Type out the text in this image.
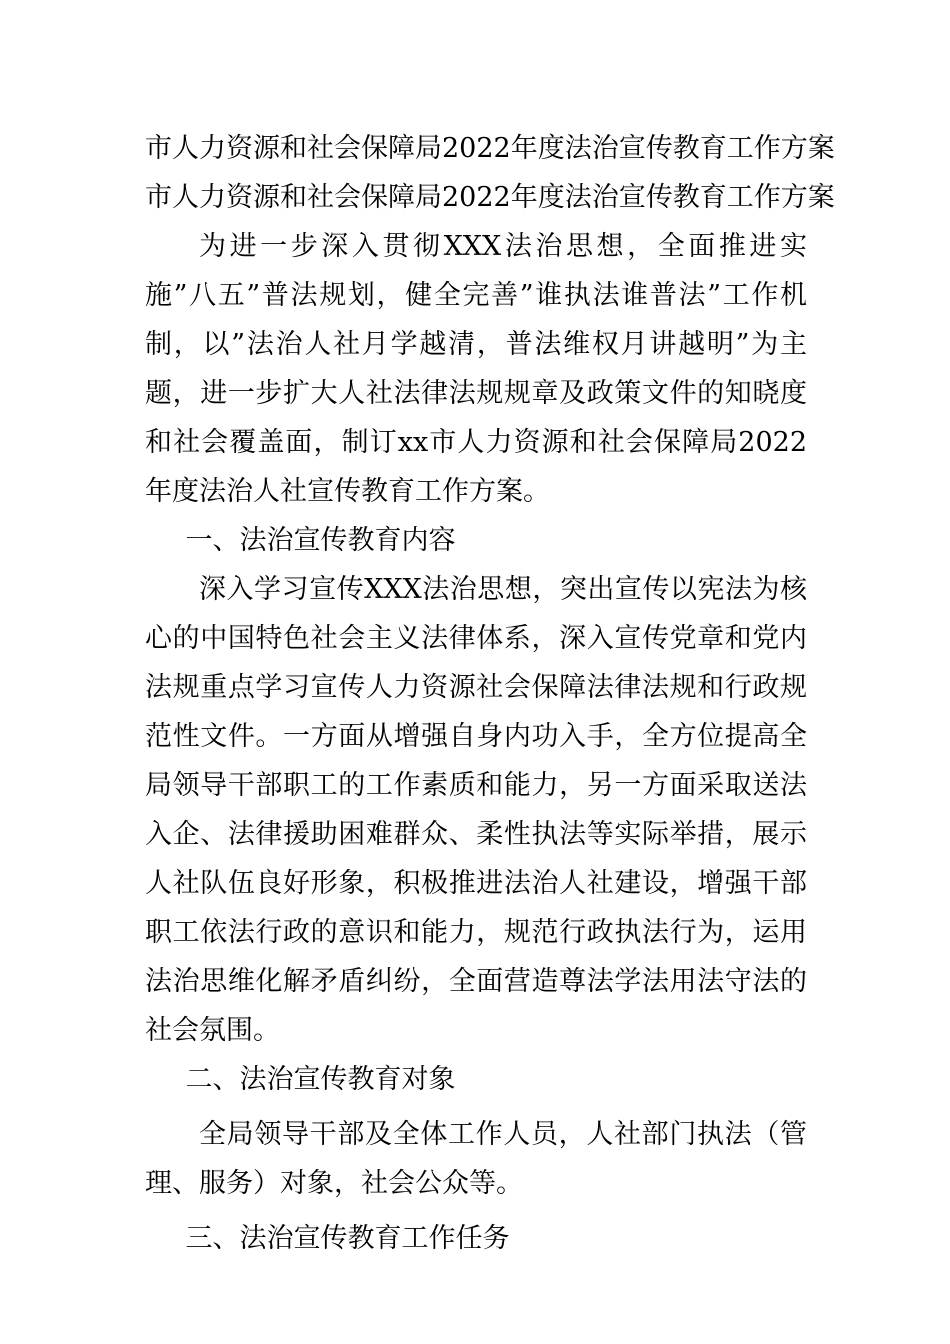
市人力资源和社会保障局2022年度法治宣传教育工作方案

市人力资源和社会保障局2022年度法治宣传教育工作方案

为进一步深入贯彻XXX法治思想，全面推进实施”八五”普法规划，健全完善”谁执法谁普法”工作机制，以”法治人社月学越清，普法维权月讲越明”为主题，进一步扩大人社法律法规规章及政策文件的知晓度和社会覆盖面，制订xx市人力资源和社会保障局2022年度法治人社宣传教育工作方案。

一、法治宣传教育内容

深入学习宣传XXX法治思想，突出宣传以宪法为核心的中国特色社会主义法律体系，深入宣传党章和党内法规重点学习宣传人力资源社会保障法律法规和行政规范性文件。一方面从增强自身内功入手，全方位提高全局领导干部职工的工作素质和能力，另一方面采取送法入企、法律援助困难群众、柔性执法等实际举措，展示人社队伍良好形象，积极推进法治人社建设，增强干部职工依法行政的意识和能力，规范行政执法行为，运用法治思维化解矛盾纠纷，全面营造尊法学法用法守法的社会氛围。

二、法治宣传教育对象

全局领导干部及全体工作人员，人社部门执法（管理、服务）对象，社会公众等。

三、法治宣传教育工作任务
